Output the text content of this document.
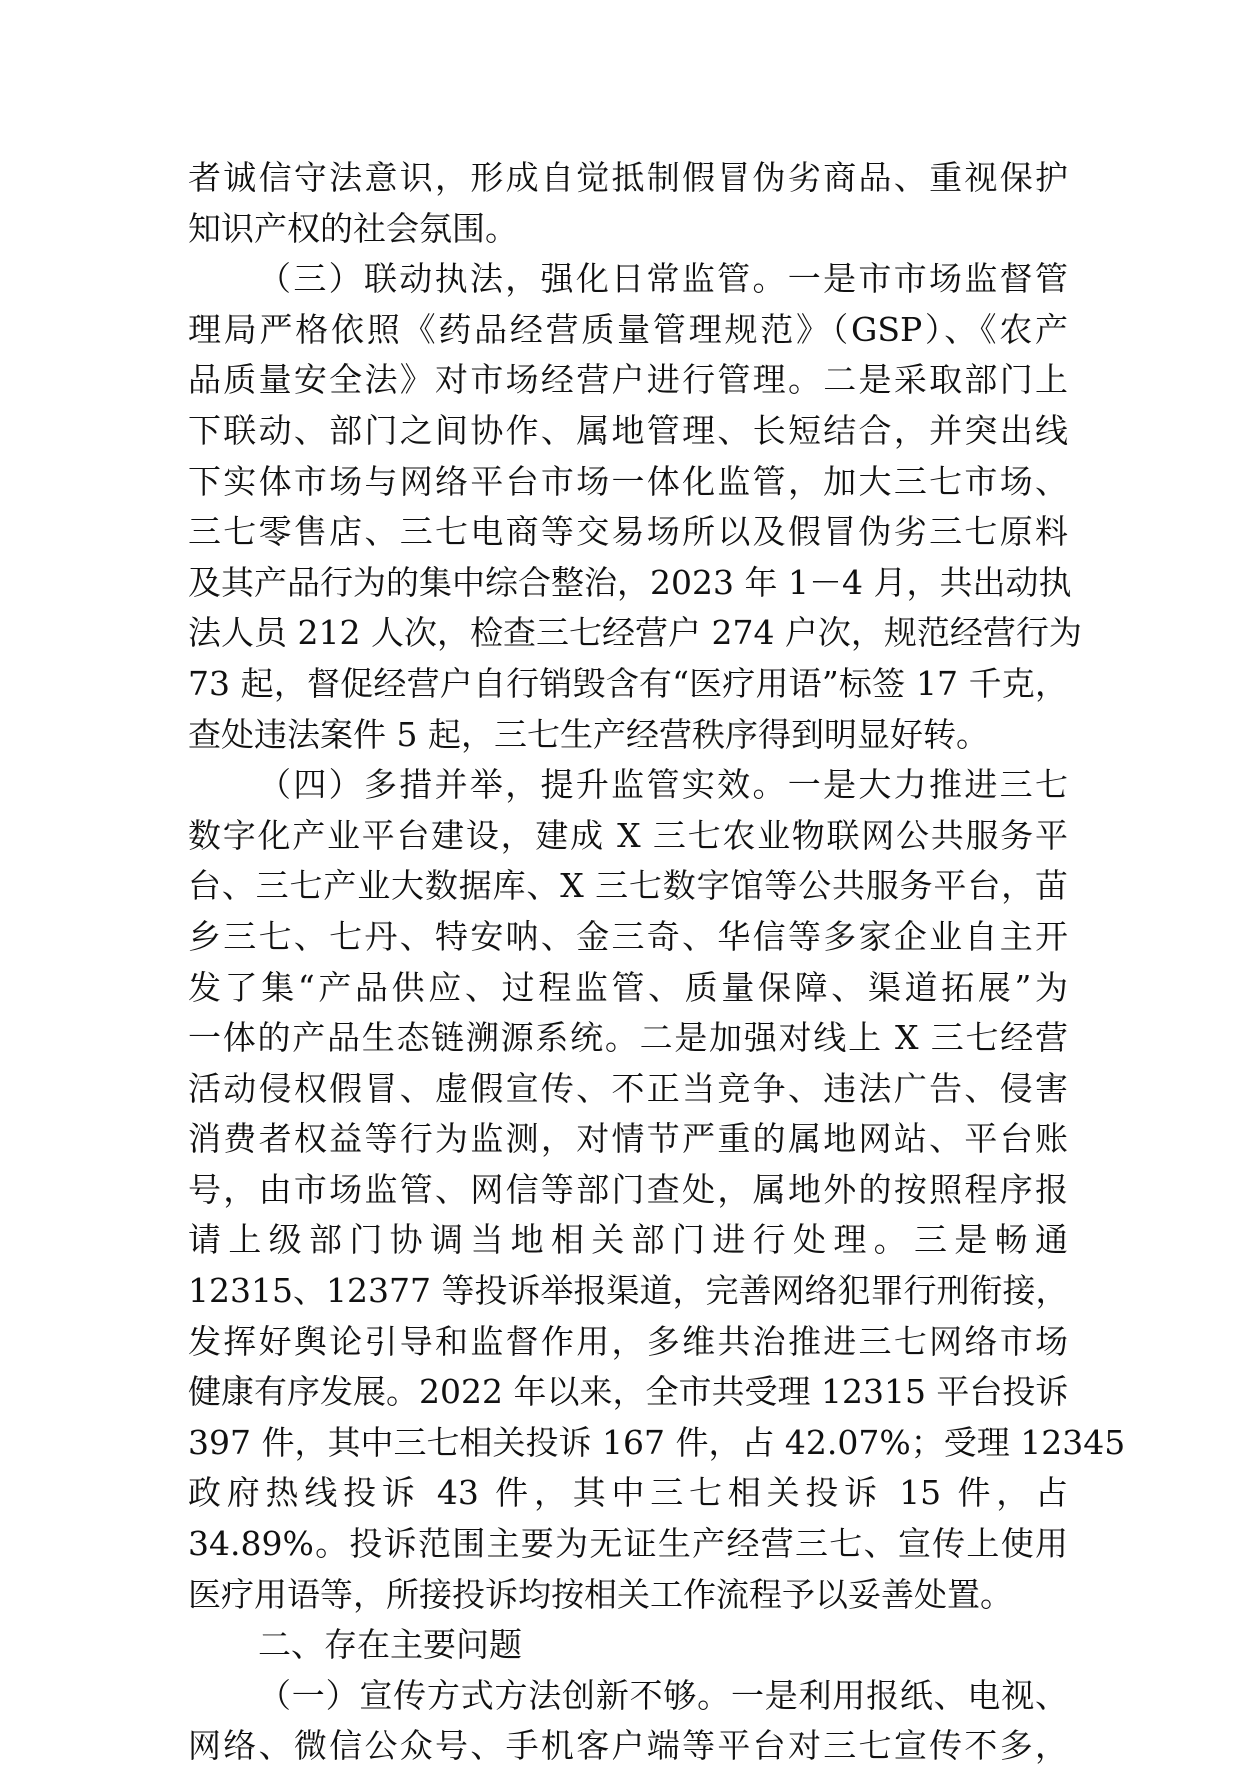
者诚信守法意识，形成自觉抵制假冒伪劣商品、重视保护
知识产权的社会氛围。
（三）联动执法，强化日常监管。一是市市场监督管
理局严格依照《药品经营质量管理规范》（GSP）、《农产
品质量安全法》对市场经营户进行管理。二是采取部门上
下联动、部门之间协作、属地管理、长短结合，并突出线
下实体市场与网络平台市场一体化监管，加大三七市场、
三七零售店、三七电商等交易场所以及假冒伪劣三七原料
及其产品行为的集中综合整治，2023 年 1－4 月，共出动执
法人员 212 人次，检查三七经营户 274 户次，规范经营行为
73 起，督促经营户自行销毁含有“医疗用语”标签 17 千克，
查处违法案件 5 起，三七生产经营秩序得到明显好转。
（四）多措并举，提升监管实效。一是大力推进三七
数字化产业平台建设，建成 X 三七农业物联网公共服务平
台、三七产业大数据库、X 三七数字馆等公共服务平台，苗
乡三七、七丹、特安呐、金三奇、华信等多家企业自主开
发了集“产品供应、过程监管、质量保障、渠道拓展”为
一体的产品生态链溯源系统。二是加强对线上 X 三七经营
活动侵权假冒、虚假宣传、不正当竞争、违法广告、侵害
消费者权益等行为监测，对情节严重的属地网站、平台账
号，由市场监管、网信等部门查处，属地外的按照程序报
请上级部门协调当地相关部门进行处理。三是畅通
12315、12377 等投诉举报渠道，完善网络犯罪行刑衔接，
发挥好舆论引导和监督作用，多维共治推进三七网络市场
健康有序发展。2022 年以来，全市共受理 12315 平台投诉
397 件，其中三七相关投诉 167 件，占 42.07%；受理 12345
政府热线投诉 43 件，其中三七相关投诉 15 件，占
34.89%。投诉范围主要为无证生产经营三七、宣传上使用
医疗用语等，所接投诉均按相关工作流程予以妥善处置。
二、存在主要问题
（一）宣传方式方法创新不够。一是利用报纸、电视、
网络、微信公众号、手机客户端等平台对三七宣传不多，
